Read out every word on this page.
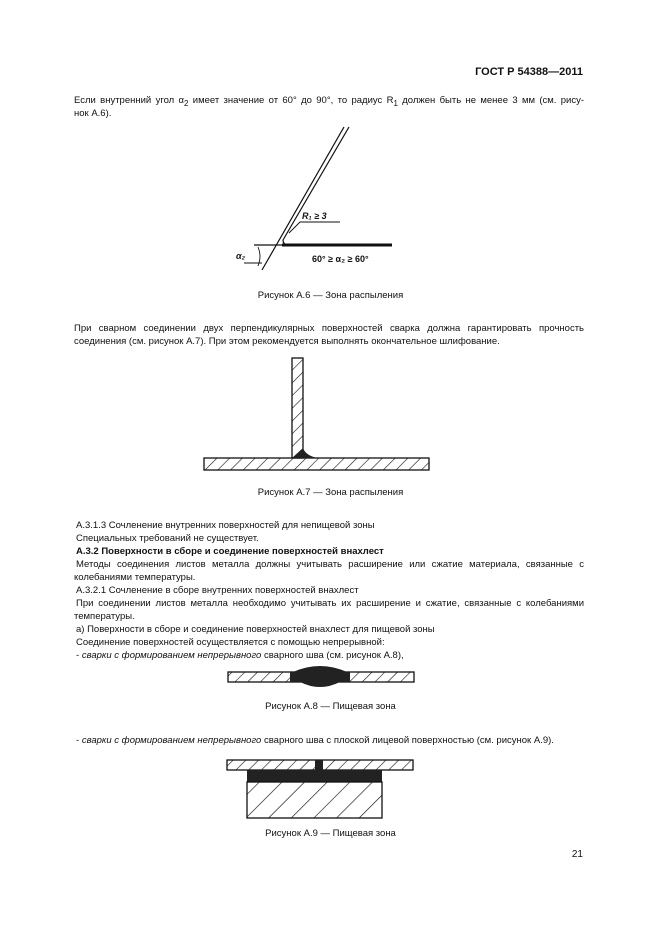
ГОСТ Р 54388—2011
Если внутренний угол $\alpha_2$ имеет значение от 60° до 90°, то радиус $R_1$ должен быть не менее 3 мм (см. рису-
нок А.6).
R₁ ≥ 3
α₂	60° ≥ α₂ ≥ 60°
Рисунок А.6 — Зона распыления
При сварном соединении двух перпендикулярных поверхностей сварка должна гарантировать прочность
соединения (см. рисунок А.7). При этом рекомендуется выполнять окончательное шлифование.
Рисунок А.7 — Зона распыления
А.3.1.3 Сочленение внутренних поверхностей для непищевой зоны
Специальных требований не существует.
А.3.2 Поверхности в сборе и соединение поверхностей внахлест
Методы соединения листов металла должны учитывать расширение или сжатие материала, связанные с
колебаниями температуры.
А.3.2.1 Сочленение в сборе внутренних поверхностей внахлест
При соединении листов металла необходимо учитывать их расширение и сжатие, связанные с колебаниями
температуры.
а) Поверхности в сборе и соединение поверхностей внахлест для пищевой зоны
Соединение поверхностей осуществляется с помощью непрерывной:
- сварки с формированием непрерывного сварного шва (см. рисунок А.8),
Рисунок А.8 — Пищевая зона
- сварки с формированием непрерывного сварного шва с плоской лицевой поверхностью (см. рисунок А.9).
Рисунок А.9 — Пищевая зона
21
